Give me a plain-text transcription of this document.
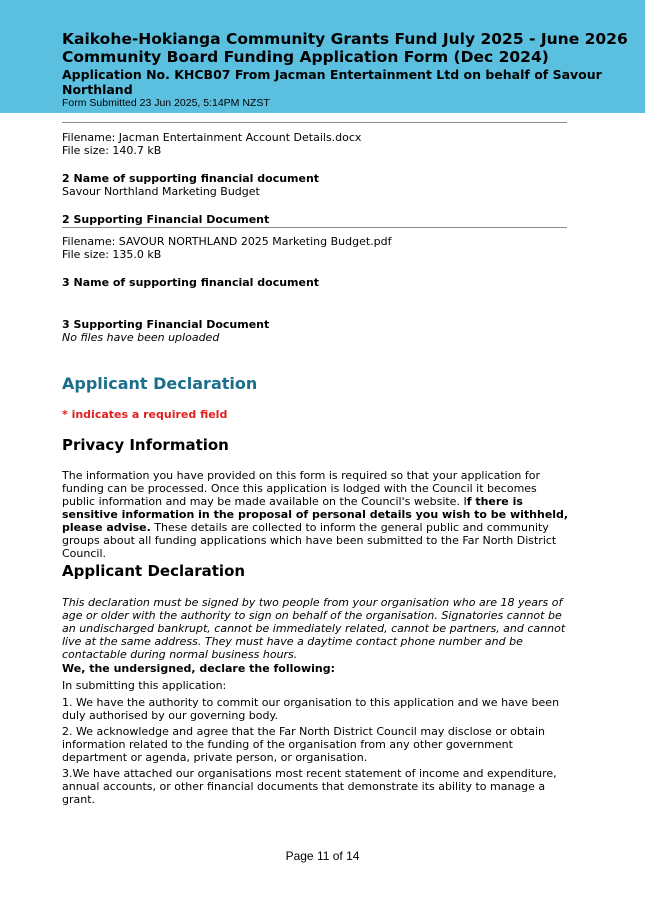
Kaikohe-Hokianga Community Grants Fund July 2025 - June 2026 Community Board Funding Application Form (Dec 2024)
Application No. KHCB07 From Jacman Entertainment Ltd on behalf of Savour Northland
Form Submitted 23 Jun 2025, 5:14PM NZST
Filename: Jacman Entertainment Account Details.docx
File size: 140.7 kB
2 Name of supporting financial document
Savour Northland Marketing Budget
2 Supporting Financial Document
Filename: SAVOUR NORTHLAND 2025 Marketing Budget.pdf
File size: 135.0 kB
3 Name of supporting financial document
3 Supporting Financial Document
No files have been uploaded
Applicant Declaration
* indicates a required field
Privacy Information

The information you have provided on this form is required so that your application for funding can be processed. Once this application is lodged with the Council it becomes public information and may be made available on the Council's website. If there is sensitive information in the proposal of personal details you wish to be withheld, please advise. These details are collected to inform the general public and community groups about all funding applications which have been submitted to the Far North District Council.

Applicant Declaration

This declaration must be signed by two people from your organisation who are 18 years of age or older with the authority to sign on behalf of the organisation. Signatories cannot be an undischarged bankrupt, cannot be immediately related, cannot be partners, and cannot live at the same address. They must have a daytime contact phone number and be contactable during normal business hours.

We, the undersigned, declare the following:
In submitting this application:

1. We have the authority to commit our organisation to this application and we have been duly authorised by our governing body.

2. We acknowledge and agree that the Far North District Council may disclose or obtain information related to the funding of the organisation from any other government department or agenda, private person, or organisation.

3.We have attached our organisations most recent statement of income and expenditure, annual accounts, or other financial documents that demonstrate its ability to manage a grant.

Page 11 of 14
